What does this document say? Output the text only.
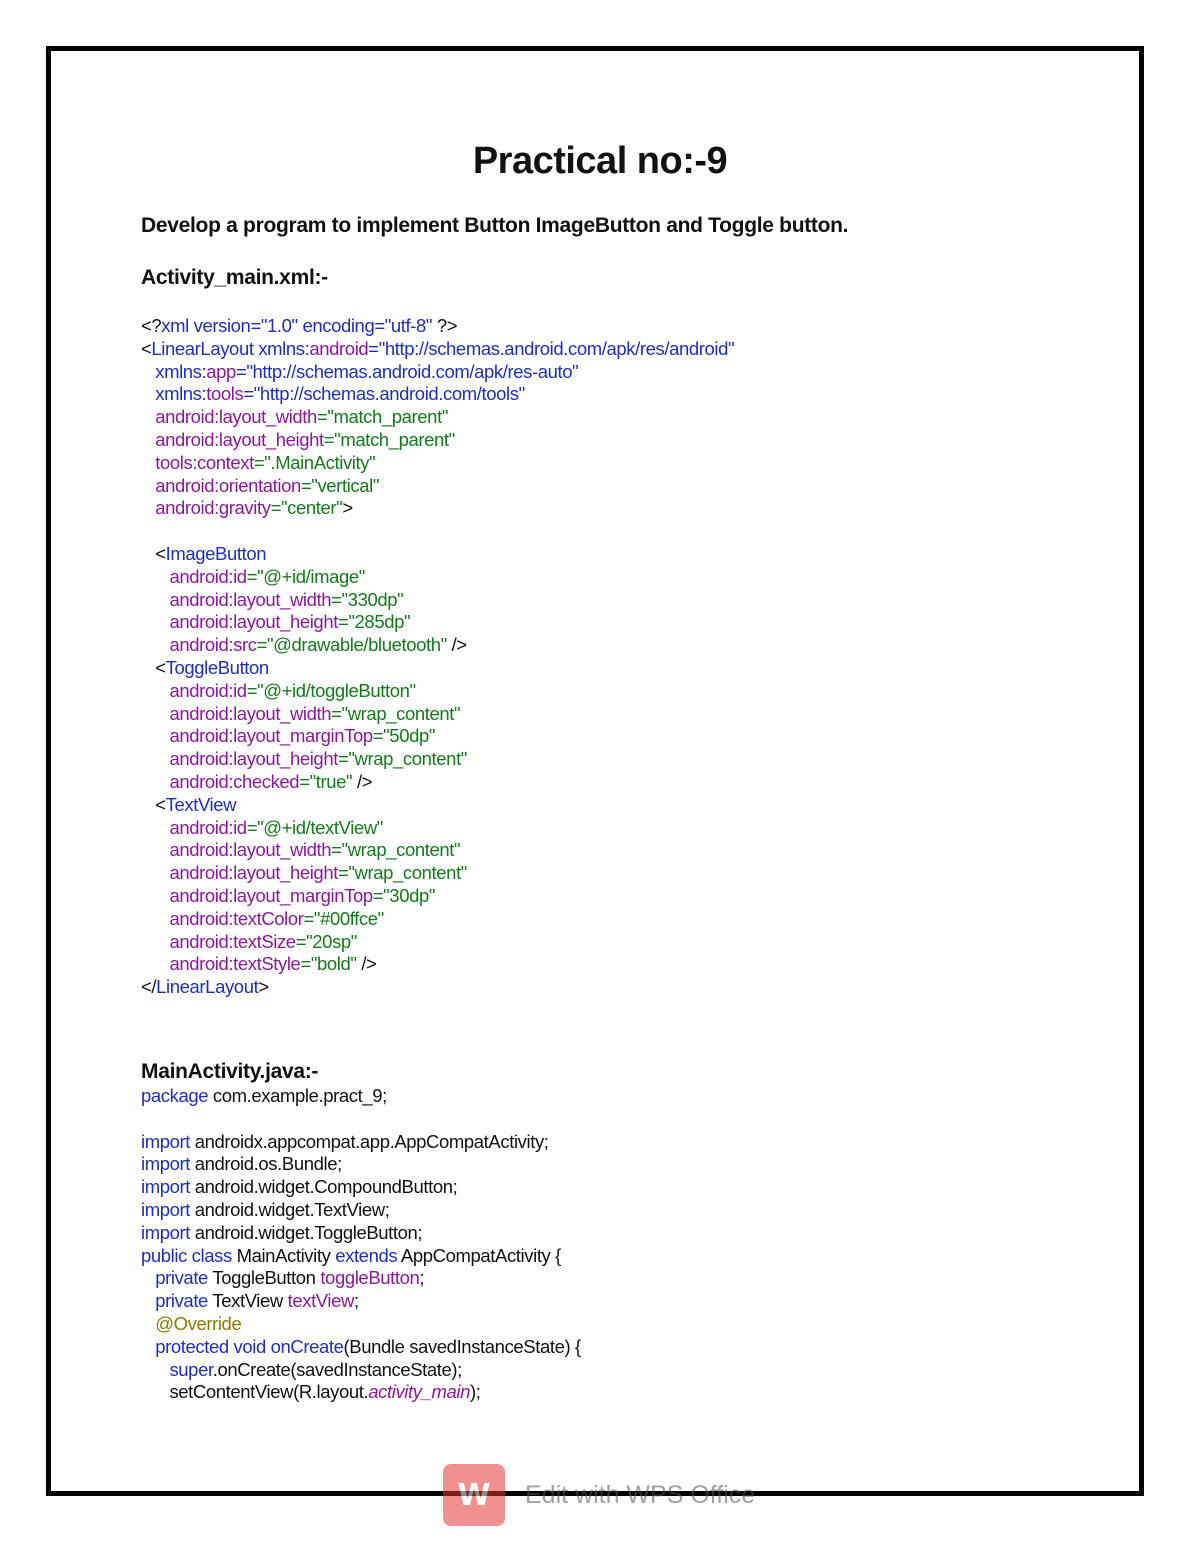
Practical no:-9

Develop a program to implement Button ImageButton and Toggle button.

Activity_main.xml:-

<?xml version="1.0" encoding="utf-8" ?>
<LinearLayout xmlns:android="http://schemas.android.com/apk/res/android"
xmlns:app="http://schemas.android.com/apk/res-auto"
xmlns:tools="http://schemas.android.com/tools"
android:layout_width="match_parent"
android:layout_height="match_parent"
tools:context=".MainActivity"
android:orientation="vertical"
android:gravity="center">
<ImageButton
android:id="@+id/image"
android:layout_width="330dp"
android:layout_height="285dp"
android:src="@drawable/bluetooth" />
<ToggleButton
android:id="@+id/toggleButton"
android:layout_width="wrap_content"
android:layout_marginTop="50dp"
android:layout_height="wrap_content"
android:checked="true" />
<TextView
android:id="@+id/textView"
android:layout_width="wrap_content"
android:layout_height="wrap_content"
android:layout_marginTop="30dp"
android:textColor="#00ffce"
android:textSize="20sp"
android:textStyle="bold" />
</LinearLayout>

MainActivity.java:-

package com.example.pract_9;
import androidx.appcompat.app.AppCompatActivity;
import android.os.Bundle;
import android.widget.CompoundButton;
import android.widget.TextView;
import android.widget.ToggleButton;
public class MainActivity extends AppCompatActivity {
private ToggleButton toggleButton;
private TextView textView;
@Override
protected void onCreate(Bundle savedInstanceState) {
super.onCreate(savedInstanceState);
setContentView(R.layout.activity_main);
W	Edit with WPS Office
